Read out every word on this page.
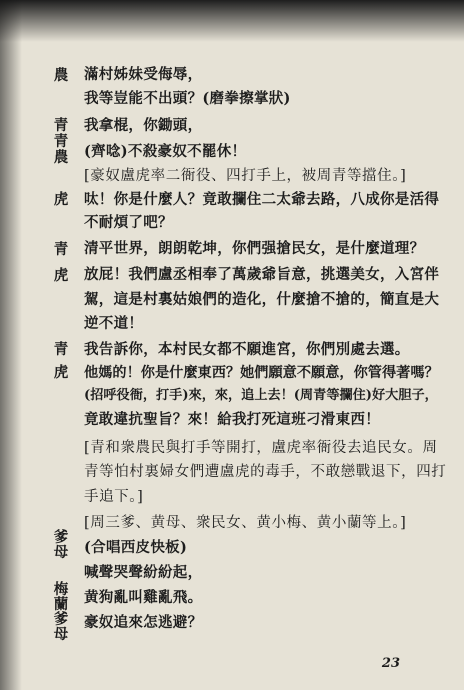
農
青
青
農
虎
青
虎
青
虎
爹
母
梅
蘭
爹
母
滿村姊妹受侮辱，
我等豈能不出頭？(磨拳擦掌狀)
我拿棍，你鋤頭，
(齊唸)不殺豪奴不罷休！
[豪奴盧虎率二衙役、四打手上，被周青等擋住。]
呔！你是什麼人？竟敢攔住二太爺去路，八成你是活得
不耐煩了吧？
清平世界，朗朗乾坤，你們强搶民女，是什麼道理？
放屁！我們盧丞相奉了萬歲爺旨意，挑選美女，入宮伴
駕，這是村裏姑娘們的造化，什麼搶不搶的，簡直是大
逆不道！
我告訴你，本村民女都不願進宮，你們別處去選。
他媽的！你是什麼東西？她們願意不願意，你管得著嗎？
(招呼役衙，打手)來，來，追上去！(周青等攔住)好大胆子，
竟敢違抗聖旨？來！給我打死這班刁滑東西！
[青和衆農民與打手等開打，盧虎率衙役去追民女。周
青等怕村裏婦女們遭盧虎的毒手，不敢戀戰退下，四打
手追下。]
[周三爹、黄母、衆民女、黄小梅、黄小蘭等上。]
(合唱西皮快板)
喊聲哭聲紛紛起，
黄狗亂叫雞亂飛。
豪奴追來怎逃避？
23
